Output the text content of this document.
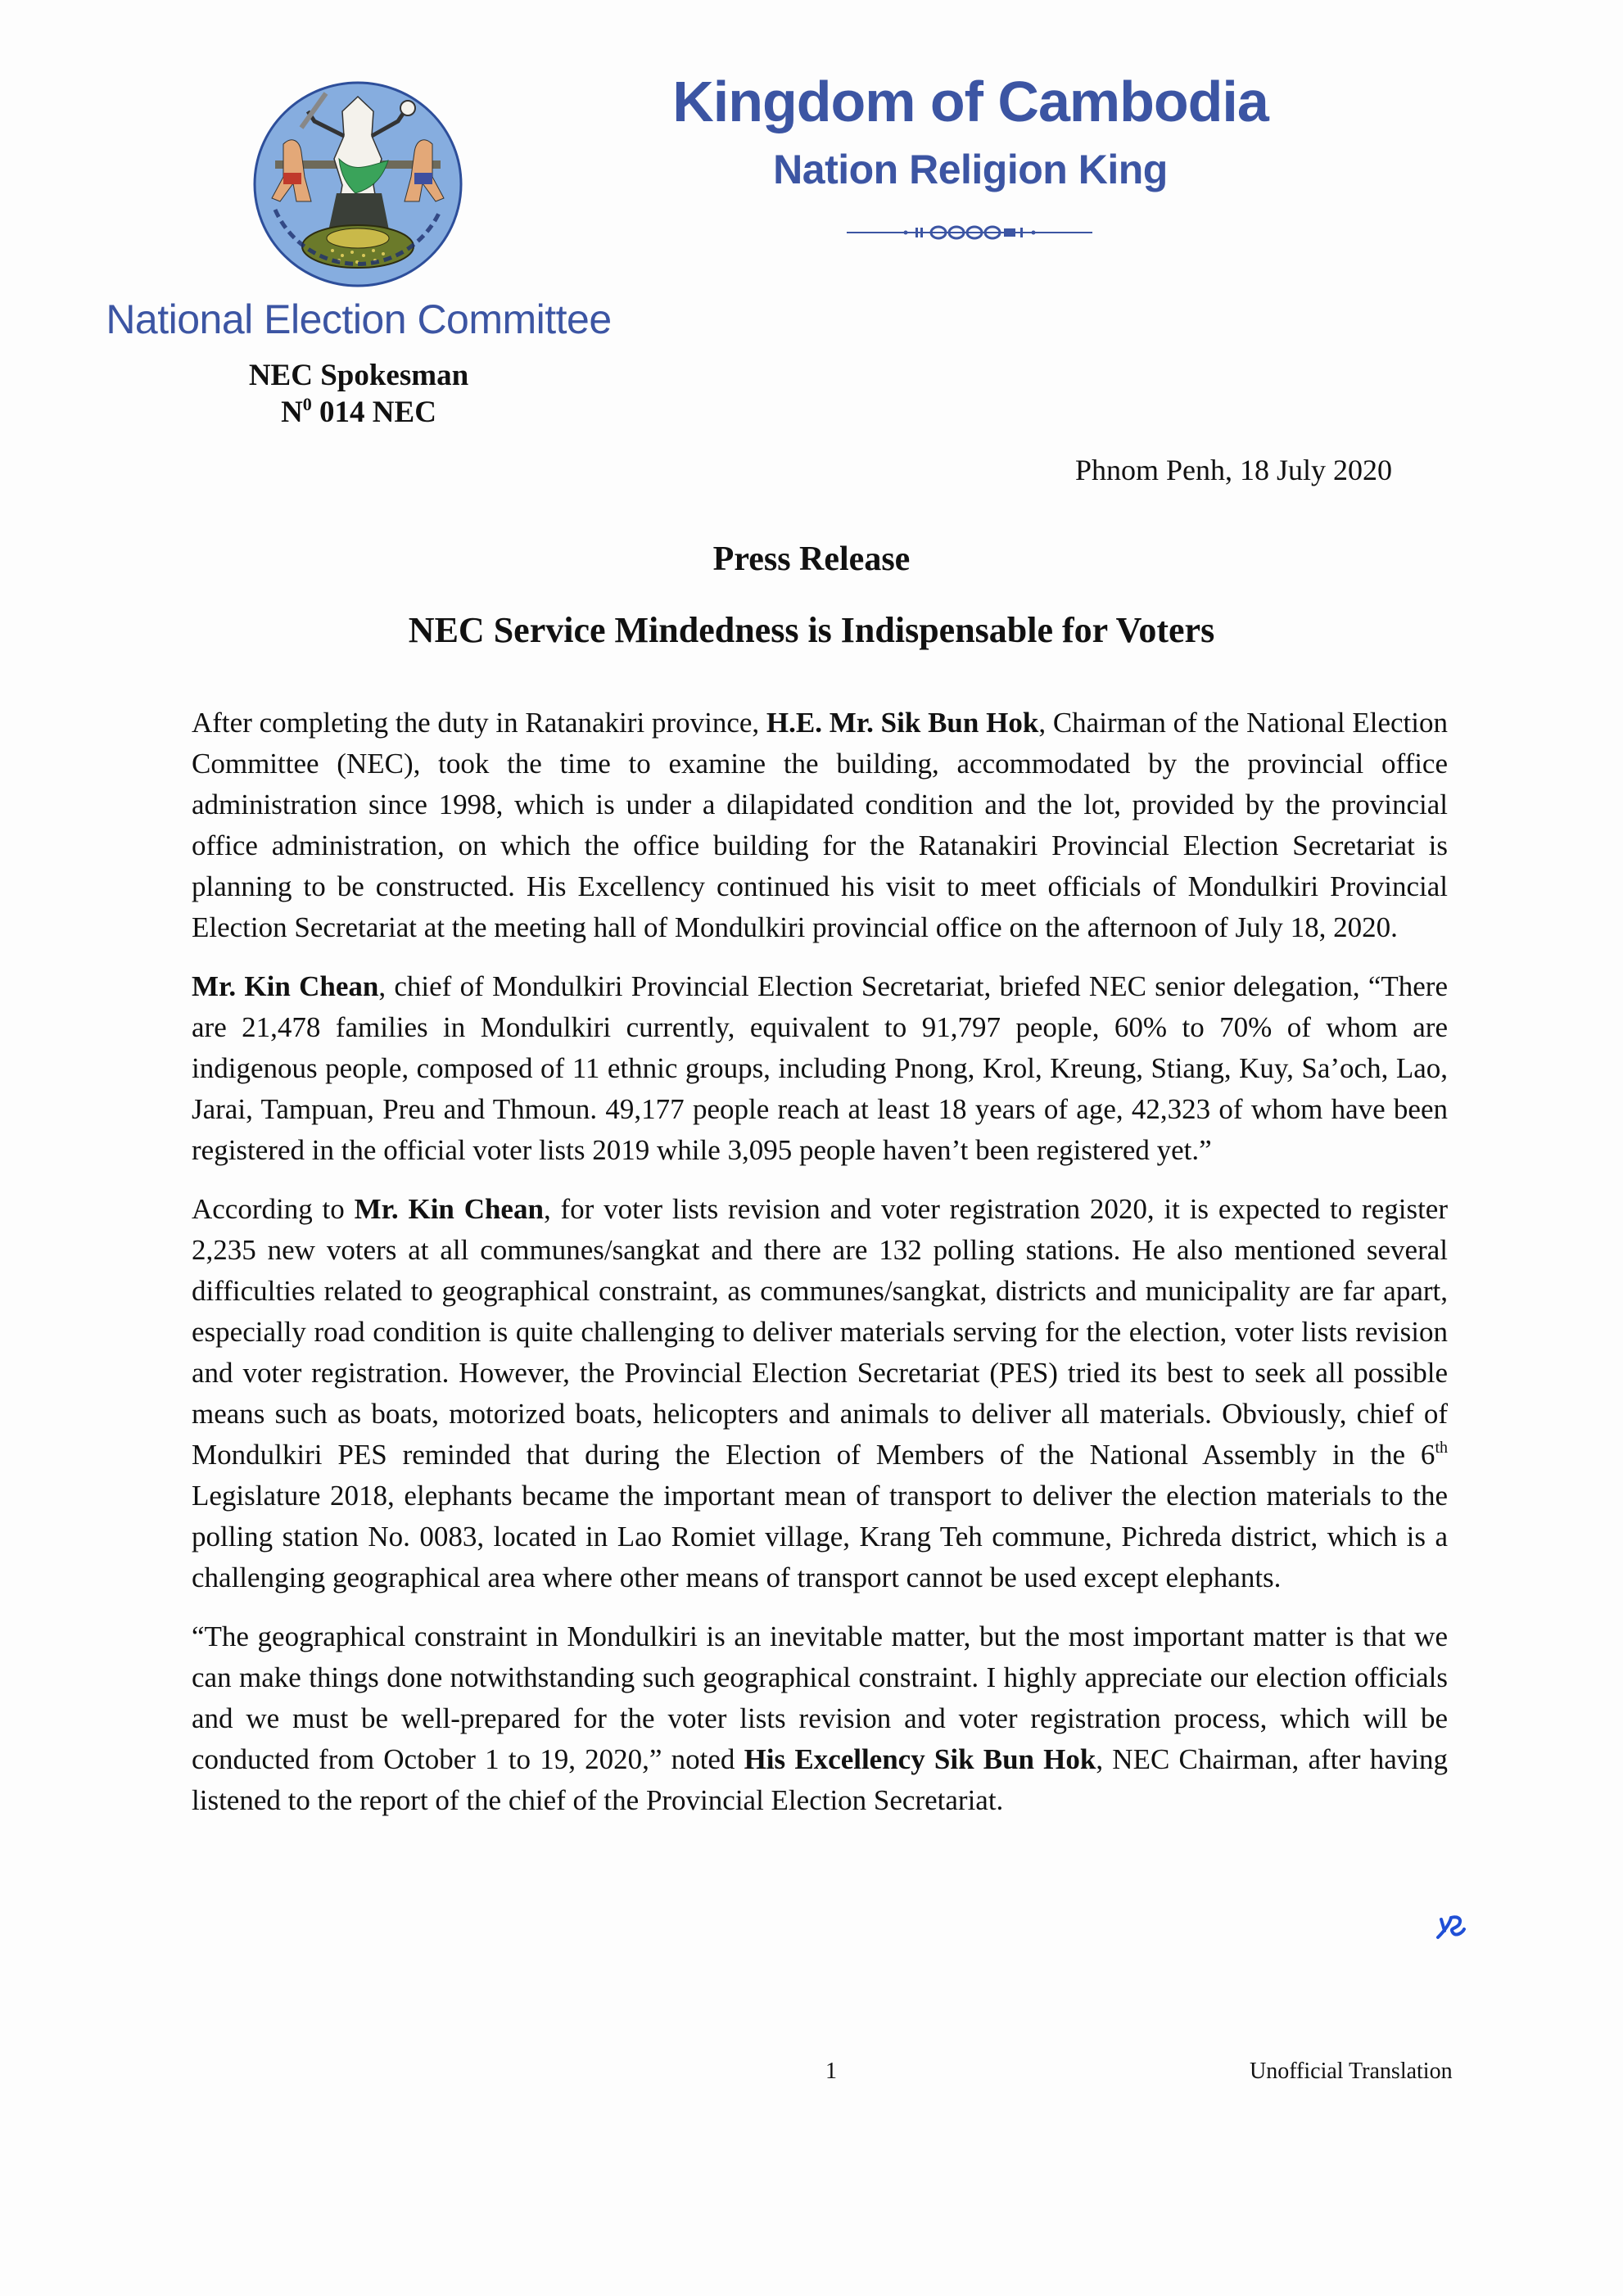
National Election Committee
NEC Spokesman
$N^0$ 014 NEC
Kingdom of Cambodia
Nation Religion King
Phnom Penh, 18 July 2020
Press Release
NEC Service Mindedness is Indispensable for Voters

After completing the duty in Ratanakiri province, H.E. Mr. Sik Bun Hok, Chairman of the National Election Committee (NEC), took the time to examine the building, accommodated by the provincial office administration since 1998, which is under a dilapidated condition and the lot, provided by the provincial office administration, on which the office building for the Ratanakiri Provincial Election Secretariat is planning to be constructed. His Excellency continued his visit to meet officials of Mondulkiri Provincial Election Secretariat at the meeting hall of Mondulkiri provincial office on the afternoon of July 18, 2020.

Mr. Kin Chean, chief of Mondulkiri Provincial Election Secretariat, briefed NEC senior delegation, “There are 21,478 families in Mondulkiri currently, equivalent to 91,797 people, 60% to 70% of whom are indigenous people, composed of 11 ethnic groups, including Pnong, Krol, Kreung, Stiang, Kuy, Sa’och, Lao, Jarai, Tampuan, Preu and Thmoun. 49,177 people reach at least 18 years of age, 42,323 of whom have been registered in the official voter lists 2019 while 3,095 people haven’t been registered yet.”

According to Mr. Kin Chean, for voter lists revision and voter registration 2020, it is expected to register 2,235 new voters at all communes/sangkat and there are 132 polling stations. He also mentioned several difficulties related to geographical constraint, as communes/sangkat, districts and municipality are far apart, especially road condition is quite challenging to deliver materials serving for the election, voter lists revision and voter registration. However, the Provincial Election Secretariat (PES) tried its best to seek all possible means such as boats, motorized boats, helicopters and animals to deliver all materials. Obviously, chief of Mondulkiri PES reminded that during the Election of Members of the National Assembly in the 6th Legislature 2018, elephants became the important mean of transport to deliver the election materials to the polling station No. 0083, located in Lao Romiet village, Krang Teh commune, Pichreda district, which is a challenging geographical area where other means of transport cannot be used except elephants.

“The geographical constraint in Mondulkiri is an inevitable matter, but the most important matter is that we can make things done notwithstanding such geographical constraint. I highly appreciate our election officials and we must be well-prepared for the voter lists revision and voter registration process, which will be conducted from October 1 to 19, 2020,” noted His Excellency Sik Bun Hok, NEC Chairman, after having listened to the report of the chief of the Provincial Election Secretariat.

1	Unofficial Translation
